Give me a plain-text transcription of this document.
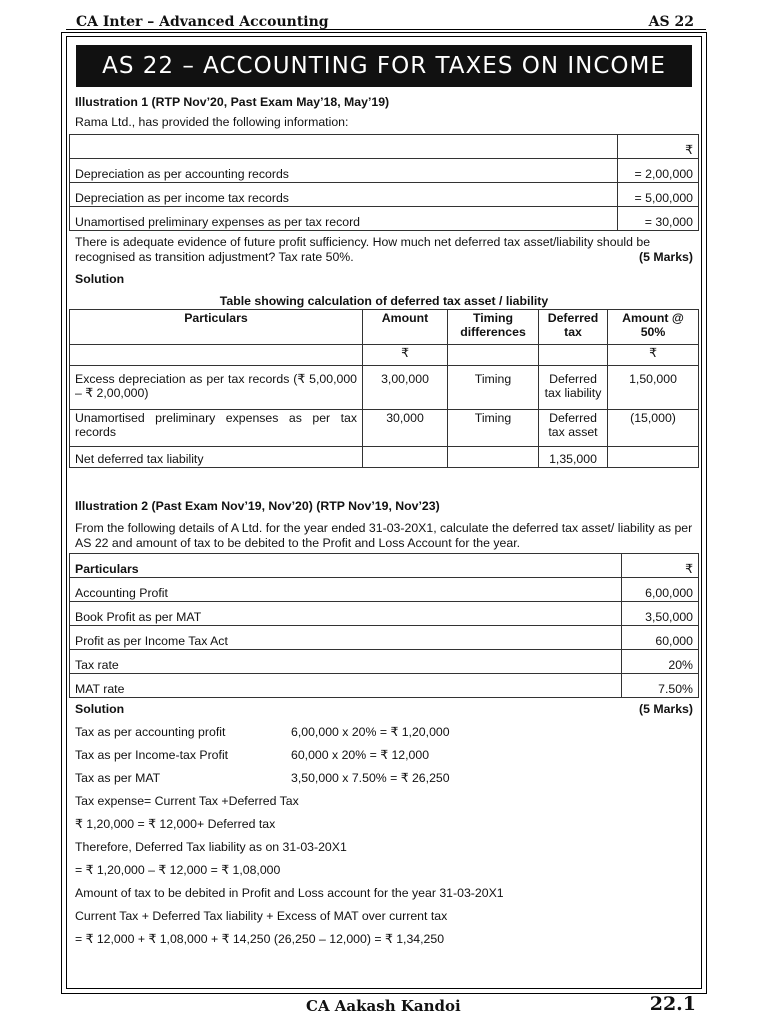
CA Inter – Advanced Accounting	AS 22
AS 22 – ACCOUNTING FOR TAXES ON INCOME
Illustration 1 (RTP Nov’20, Past Exam May’18, May’19)
Rama Ltd., has provided the following information:
	₹
Depreciation as per accounting records	= 2,00,000
Depreciation as per income tax records	= 5,00,000
Unamortised preliminary expenses as per tax record	= 30,000
There is adequate evidence of future profit sufficiency. How much net deferred tax asset/liability should be recognised as transition adjustment? Tax rate 50%.	(5 Marks)
Solution
Table showing calculation of deferred tax asset / liability
Particulars	Amount	Timing differences	Deferred tax	Amount @ 50%
	₹			₹
Excess depreciation as per tax records (₹ 5,00,000 – ₹ 2,00,000)	3,00,000	Timing	Deferred tax liability	1,50,000
Unamortised preliminary expenses as per tax records	30,000	Timing	Deferred tax asset	(15,000)
Net deferred tax liability			1,35,000	
Illustration 2 (Past Exam Nov’19, Nov’20) (RTP Nov’19, Nov’23)
From the following details of A Ltd. for the year ended 31-03-20X1, calculate the deferred tax asset/ liability as per AS 22 and amount of tax to be debited to the Profit and Loss Account for the year.
Particulars	₹
Accounting Profit	6,00,000
Book Profit as per MAT	3,50,000
Profit as per Income Tax Act	60,000
Tax rate	20%
MAT rate	7.50%
Solution	(5 Marks)
Tax as per accounting profit	6,00,000 x 20% = ₹ 1,20,000
Tax as per Income-tax Profit	60,000 x 20% = ₹ 12,000
Tax as per MAT	3,50,000 x 7.50% = ₹ 26,250
Tax expense= Current Tax +Deferred Tax
₹ 1,20,000 = ₹ 12,000+ Deferred tax
Therefore, Deferred Tax liability as on 31-03-20X1
= ₹ 1,20,000 – ₹ 12,000 = ₹ 1,08,000
Amount of tax to be debited in Profit and Loss account for the year 31-03-20X1
Current Tax + Deferred Tax liability + Excess of MAT over current tax
= ₹ 12,000 + ₹ 1,08,000 + ₹ 14,250 (26,250 – 12,000) = ₹ 1,34,250
CA Aakash Kandoi	22.1
